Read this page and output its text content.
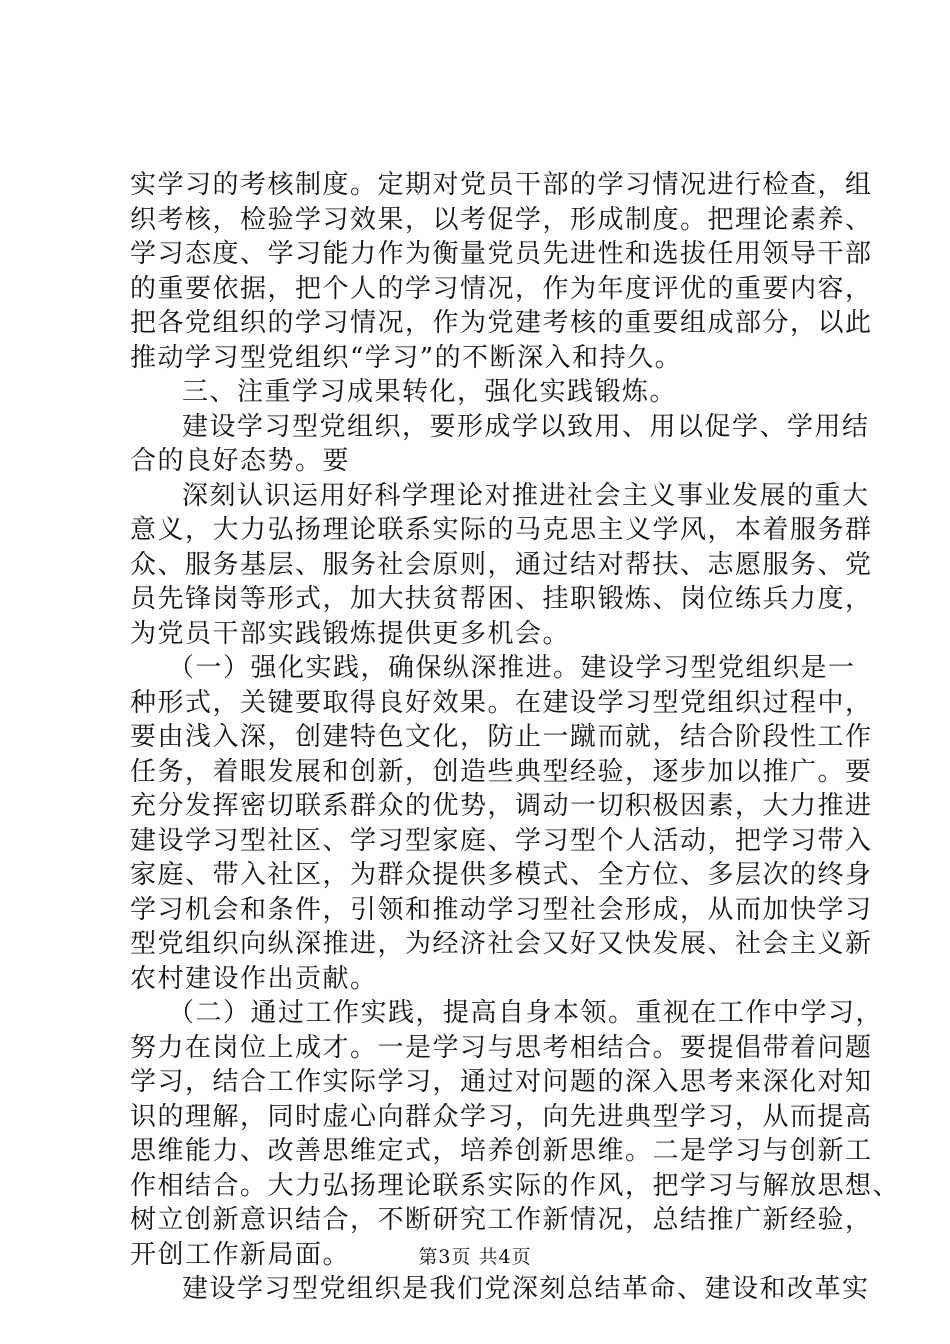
实学习的考核制度。定期对党员干部的学习情况进行检查，组
织考核，检验学习效果，以考促学，形成制度。把理论素养、
学习态度、学习能力作为衡量党员先进性和选拔任用领导干部
的重要依据，把个人的学习情况，作为年度评优的重要内容，
把各党组织的学习情况，作为党建考核的重要组成部分，以此
推动学习型党组织“学习”的不断深入和持久。
三、注重学习成果转化，强化实践锻炼。
建设学习型党组织，要形成学以致用、用以促学、学用结
合的良好态势。要
深刻认识运用好科学理论对推进社会主义事业发展的重大
意义，大力弘扬理论联系实际的马克思主义学风，本着服务群
众、服务基层、服务社会原则，通过结对帮扶、志愿服务、党
员先锋岗等形式，加大扶贫帮困、挂职锻炼、岗位练兵力度，
为党员干部实践锻炼提供更多机会。
（一）强化实践，确保纵深推进。建设学习型党组织是一
种形式，关键要取得良好效果。在建设学习型党组织过程中，
要由浅入深，创建特色文化，防止一蹴而就，结合阶段性工作
任务，着眼发展和创新，创造些典型经验，逐步加以推广。要
充分发挥密切联系群众的优势，调动一切积极因素，大力推进
建设学习型社区、学习型家庭、学习型个人活动，把学习带入
家庭、带入社区，为群众提供多模式、全方位、多层次的终身
学习机会和条件，引领和推动学习型社会形成，从而加快学习
型党组织向纵深推进，为经济社会又好又快发展、社会主义新
农村建设作出贡献。
（二）通过工作实践，提高自身本领。重视在工作中学习，
努力在岗位上成才。一是学习与思考相结合。要提倡带着问题
学习，结合工作实际学习，通过对问题的深入思考来深化对知
识的理解，同时虚心向群众学习，向先进典型学习，从而提高
思维能力、改善思维定式，培养创新思维。二是学习与创新工
作相结合。大力弘扬理论联系实际的作风，把学习与解放思想、
树立创新意识结合，不断研究工作新情况，总结推广新经验，
开创工作新局面。
建设学习型党组织是我们党深刻总结革命、建设和改革实
第3页 共4页
